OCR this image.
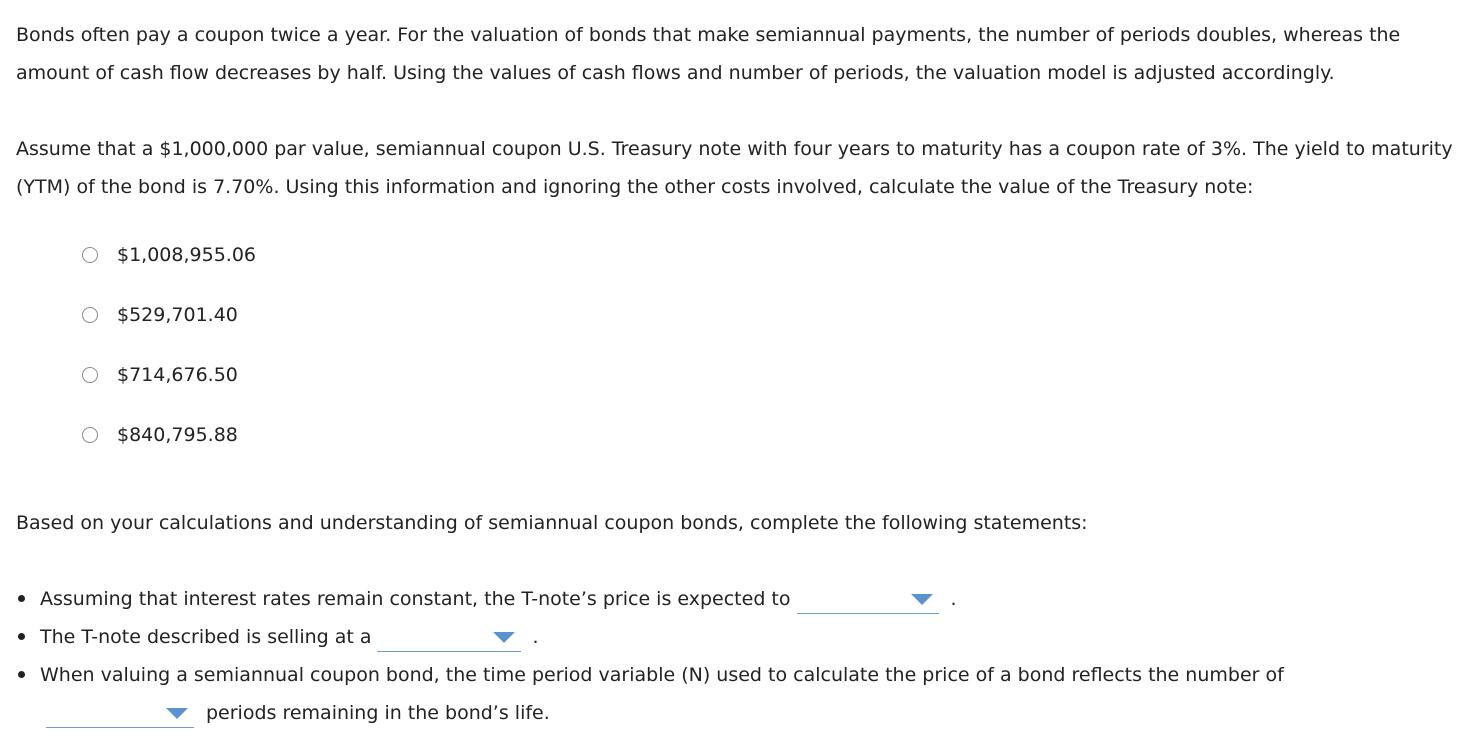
Bonds often pay a coupon twice a year. For the valuation of bonds that make semiannual payments, the number of periods doubles, whereas the amount of cash flow decreases by half. Using the values of cash flows and number of periods, the valuation model is adjusted accordingly.

Assume that a $1,000,000 par value, semiannual coupon U.S. Treasury note with four years to maturity has a coupon rate of 3%. The yield to maturity (YTM) of the bond is 7.70%. Using this information and ignoring the other costs involved, calculate the value of the Treasury note:

$1,008,955.06
$529,701.40
$714,676.50
$840,795.88

Based on your calculations and understanding of semiannual coupon bonds, complete the following statements:

Assuming that interest rates remain constant, the T-note’s price is expected to	.
The T-note described is selling at a	.
When valuing a semiannual coupon bond, the time period variable (N) used to calculate the price of a bond reflects the number of
periods remaining in the bond’s life.
